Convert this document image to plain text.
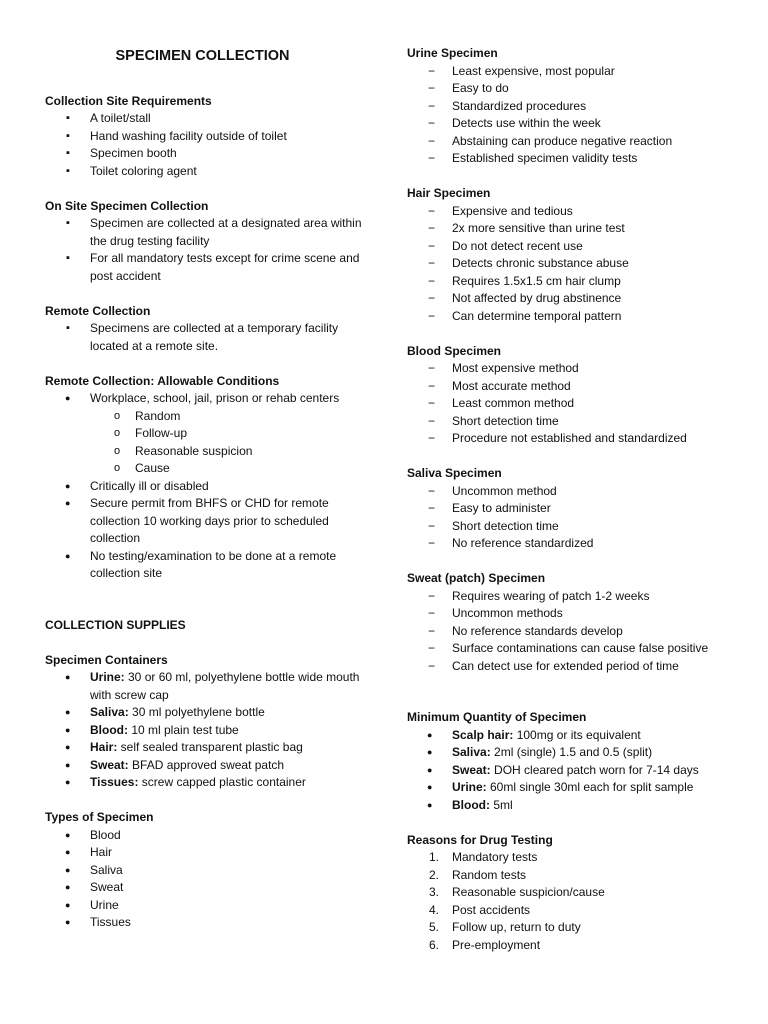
SPECIMEN COLLECTION
Collection Site Requirements
▪ A toilet/stall
▪ Hand washing facility outside of toilet
▪ Specimen booth
▪ Toilet coloring agent
On Site Specimen Collection
▪ Specimen are collected at a designated area within the drug testing facility
▪ For all mandatory tests except for crime scene and post accident
Remote Collection
▪ Specimens are collected at a temporary facility located at a remote site.
Remote Collection: Allowable Conditions
● Workplace, school, jail, prison or rehab centers
o Random
o Follow-up
o Reasonable suspicion
o Cause
● Critically ill or disabled
● Secure permit from BHFS or CHD for remote collection 10 working days prior to scheduled collection
● No testing/examination to be done at a remote collection site
COLLECTION SUPPLIES
Specimen Containers
● Urine: 30 or 60 ml, polyethylene bottle wide mouth with screw cap
● Saliva: 30 ml polyethylene bottle
● Blood: 10 ml plain test tube
● Hair: self sealed transparent plastic bag
● Sweat: BFAD approved sweat patch
● Tissues: screw capped plastic container
Types of Specimen
● Blood
● Hair
● Saliva
● Sweat
● Urine
● Tissues
Urine Specimen
− Least expensive, most popular
− Easy to do
− Standardized procedures
− Detects use within the week
− Abstaining can produce negative reaction
− Established specimen validity tests
Hair Specimen
− Expensive and tedious
− 2x more sensitive than urine test
− Do not detect recent use
− Detects chronic substance abuse
− Requires 1.5x1.5 cm hair clump
− Not affected by drug abstinence
− Can determine temporal pattern
Blood Specimen
− Most expensive method
− Most accurate method
− Least common method
− Short detection time
− Procedure not established and standardized
Saliva Specimen
− Uncommon method
− Easy to administer
− Short detection time
− No reference standardized
Sweat (patch) Specimen
− Requires wearing of patch 1-2 weeks
− Uncommon methods
− No reference standards develop
− Surface contaminations can cause false positive
− Can detect use for extended period of time
Minimum Quantity of Specimen
● Scalp hair: 100mg or its equivalent
● Saliva: 2ml (single) 1.5 and 0.5 (split)
● Sweat: DOH cleared patch worn for 7-14 days
● Urine: 60ml single 30ml each for split sample
● Blood: 5ml
Reasons for Drug Testing
1. Mandatory tests
2. Random tests
3. Reasonable suspicion/cause
4. Post accidents
5. Follow up, return to duty
6. Pre-employment
